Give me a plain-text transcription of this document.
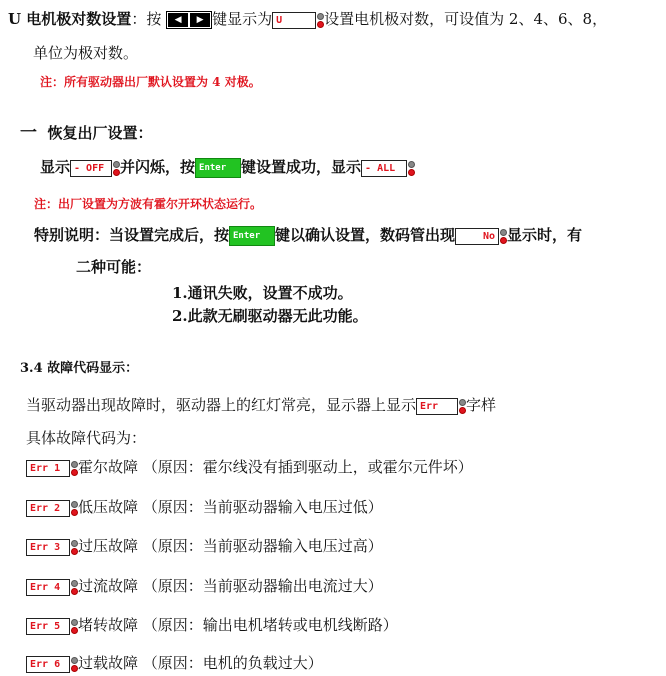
U 电机极对数设置：按	◀	▶ 键显示为 U	设置电机极对数，可设值为 2、4、6、8，
单位为极对数。
注：所有驱动器出厂默认设置为 4 对极。
一 恢复出厂设置：
显示 - OFF 并闪烁，按 Enter 键设置成功，显示 - ALL
注：出厂设置为方波有霍尔开环状态运行。
特别说明：当设置完成后，按 Enter 键以确认设置，数码管出现	No 显示时，有
二种可能：
1.通讯失败，设置不成功。
2.此款无刷驱动器无此功能。
3.4 故障代码显示：
当驱动器出现故障时，驱动器上的红灯常亮，显示器上显示 Err 字样
具体故障代码为：
Err 1 霍尔故障 （原因：霍尔线没有插到驱动上，或霍尔元件坏）
Err 2 低压故障 （原因：当前驱动器输入电压过低）
Err 3 过压故障 （原因：当前驱动器输入电压过高）
Err 4 过流故障 （原因：当前驱动器输出电流过大）
Err 5 堵转故障 （原因：输出电机堵转或电机线断路）
Err 6 过载故障 （原因：电机的负载过大）
